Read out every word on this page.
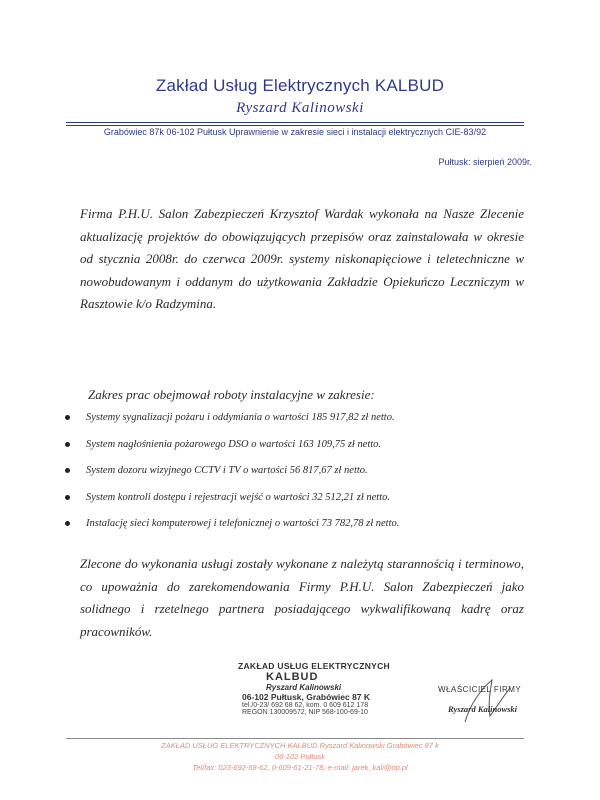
Zakład Usług Elektrycznych KALBUD
Ryszard Kalinowski
Grabówiec 87k 06-102 Pułtusk Uprawnienie w zakresie sieci i instalacji elektrycznych CIE-83/92
Pułtusk: sierpień 2009r.
Firma P.H.U. Salon Zabezpieczeń Krzysztof Wardak wykonała na Nasze Zlecenie aktualizację projektów do obowiązujących przepisów oraz zainstalowała w okresie od stycznia 2008r. do czerwca 2009r. systemy niskonapięciowe i teletechniczne w nowobudowanym i oddanym do użytkowania Zakładzie Opiekuńczo Leczniczym w Rasztowie k/o Radzymina.
Zakres prac obejmował roboty instalacyjne w zakresie:
Systemy sygnalizacji pożaru i oddymiania o wartości 185 917,82 zł netto.
System nagłośnienia pożarowego DSO o wartości 163 109,75 zł netto.
System dozoru wizyjnego CCTV i TV o wartości 56 817,67 zł netto.
System kontroli dostępu i rejestracji wejść o wartości 32 512,21 zł netto.
Instalację sieci komputerowej i telefonicznej o wartości 73 782,78 zł netto.
Zlecone do wykonania usługi zostały wykonane z należytą starannością i terminowo, co upoważnia do zarekomendowania Firmy P.H.U. Salon Zabezpieczeń jako solidnego i rzetelnego partnera posiadającego wykwalifikowaną kadrę oraz pracowników.
ZAKŁAD USŁUG ELEKTRYCZNYCH
KALBUD
Ryszard Kalinowski
06-102 Pułtusk, Grabówiec 87 K
tel./0-23/ 692 68 62, kom. 0 609 612 178
REGON 130009572, NIP 568-100-69-10
WŁAŚCICIEL FIRMY
Ryszard Kalinowski
ZAKŁAD USŁUG ELEKTRYCZNYCH KALBUD Ryszard Kalinowski Grabówiec 87 k
06-102 Pułtusk
Tel/fax: 023-692-68-62, 0-609-61-21-78, e-mail: jarek_kali@op.pl
